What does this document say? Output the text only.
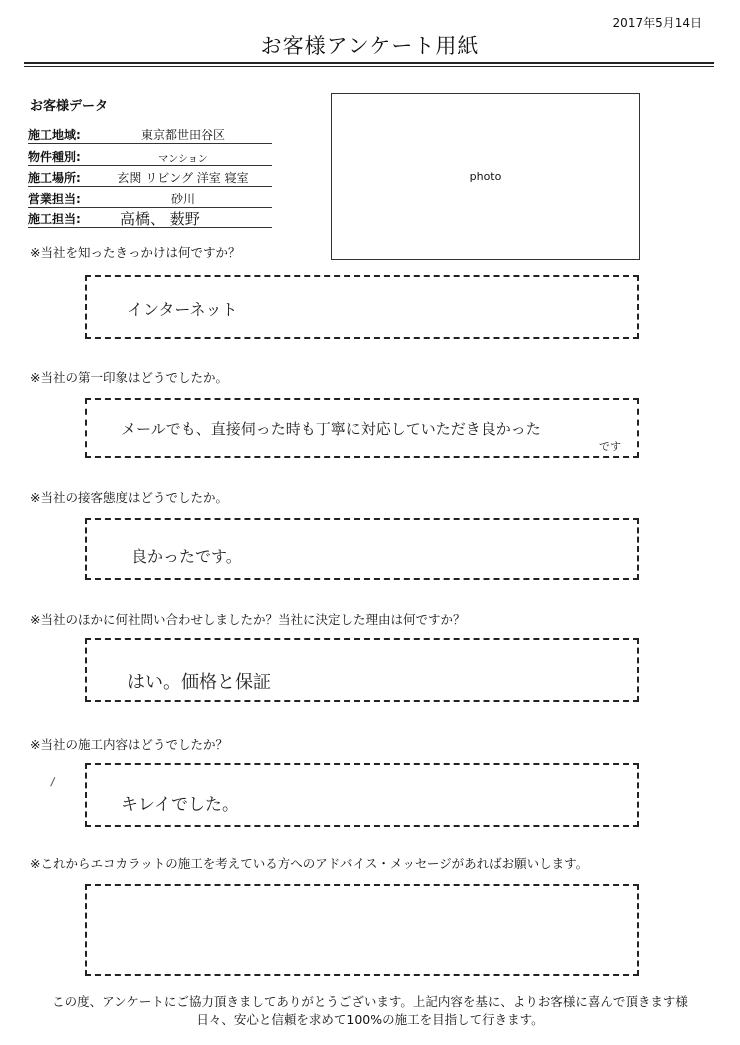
2017年5月14日
お客様アンケート用紙
お客様データ
施工地域:	東京都世田谷区
物件種別:	マンション
施工場所:	玄関 リビング 洋室 寝室
営業担当:	砂川
施工担当:	高橋、 薮野
photo
※当社を知ったきっかけは何ですか？
インターネット
※当社の第一印象はどうでしたか。
メールでも、直接伺った時も丁寧に対応していただき良かった
です
※当社の接客態度はどうでしたか。
良かったです。
※当社のほかに何社問い合わせしましたか？当社に決定した理由は何ですか？
はい。価格と保証
※当社の施工内容はどうでしたか？
キレイでした。
※これからエコカラットの施工を考えている方へのアドバイス・メッセージがあればお願いします。
この度、アンケートにご協力頂きましてありがとうございます。上記内容を基に、よりお客様に喜んで頂きます様
日々、安心と信頼を求めて100%の施工を目指して行きます。
